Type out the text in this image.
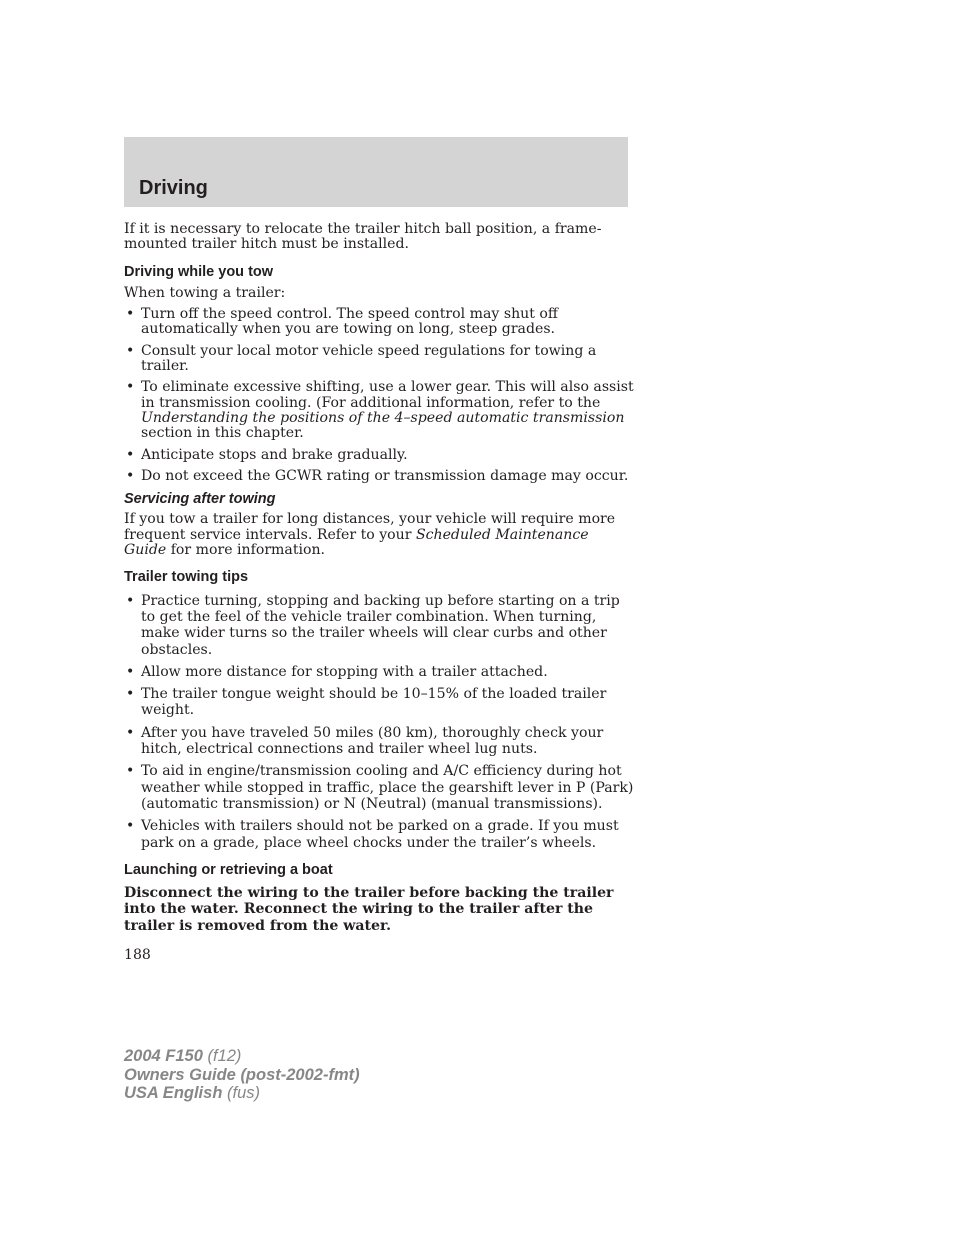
Driving

If it is necessary to relocate the trailer hitch ball position, a frame-mounted trailer hitch must be installed.

Driving while you tow

When towing a trailer:

• Turn off the speed control. The speed control may shut off automatically when you are towing on long, steep grades.
• Consult your local motor vehicle speed regulations for towing a trailer.
• To eliminate excessive shifting, use a lower gear. This will also assist in transmission cooling. (For additional information, refer to the Understanding the positions of the 4–speed automatic transmission section in this chapter.
• Anticipate stops and brake gradually.
• Do not exceed the GCWR rating or transmission damage may occur.
Servicing after towing

If you tow a trailer for long distances, your vehicle will require more frequent service intervals. Refer to your Scheduled Maintenance Guide for more information.

Trailer towing tips
• Practice turning, stopping and backing up before starting on a trip to get the feel of the vehicle trailer combination. When turning, make wider turns so the trailer wheels will clear curbs and other obstacles.
• Allow more distance for stopping with a trailer attached.
• The trailer tongue weight should be 10–15% of the loaded trailer weight.
• After you have traveled 50 miles (80 km), thoroughly check your hitch, electrical connections and trailer wheel lug nuts.
• To aid in engine/transmission cooling and A/C efficiency during hot weather while stopped in traffic, place the gearshift lever in P (Park) (automatic transmission) or N (Neutral) (manual transmissions).
• Vehicles with trailers should not be parked on a grade. If you must park on a grade, place wheel chocks under the trailer’s wheels.
Launching or retrieving a boat

Disconnect the wiring to the trailer before backing the trailer into the water. Reconnect the wiring to the trailer after the trailer is removed from the water.

188

2004 F150 (f12)
Owners Guide (post-2002-fmt)
USA English (fus)
